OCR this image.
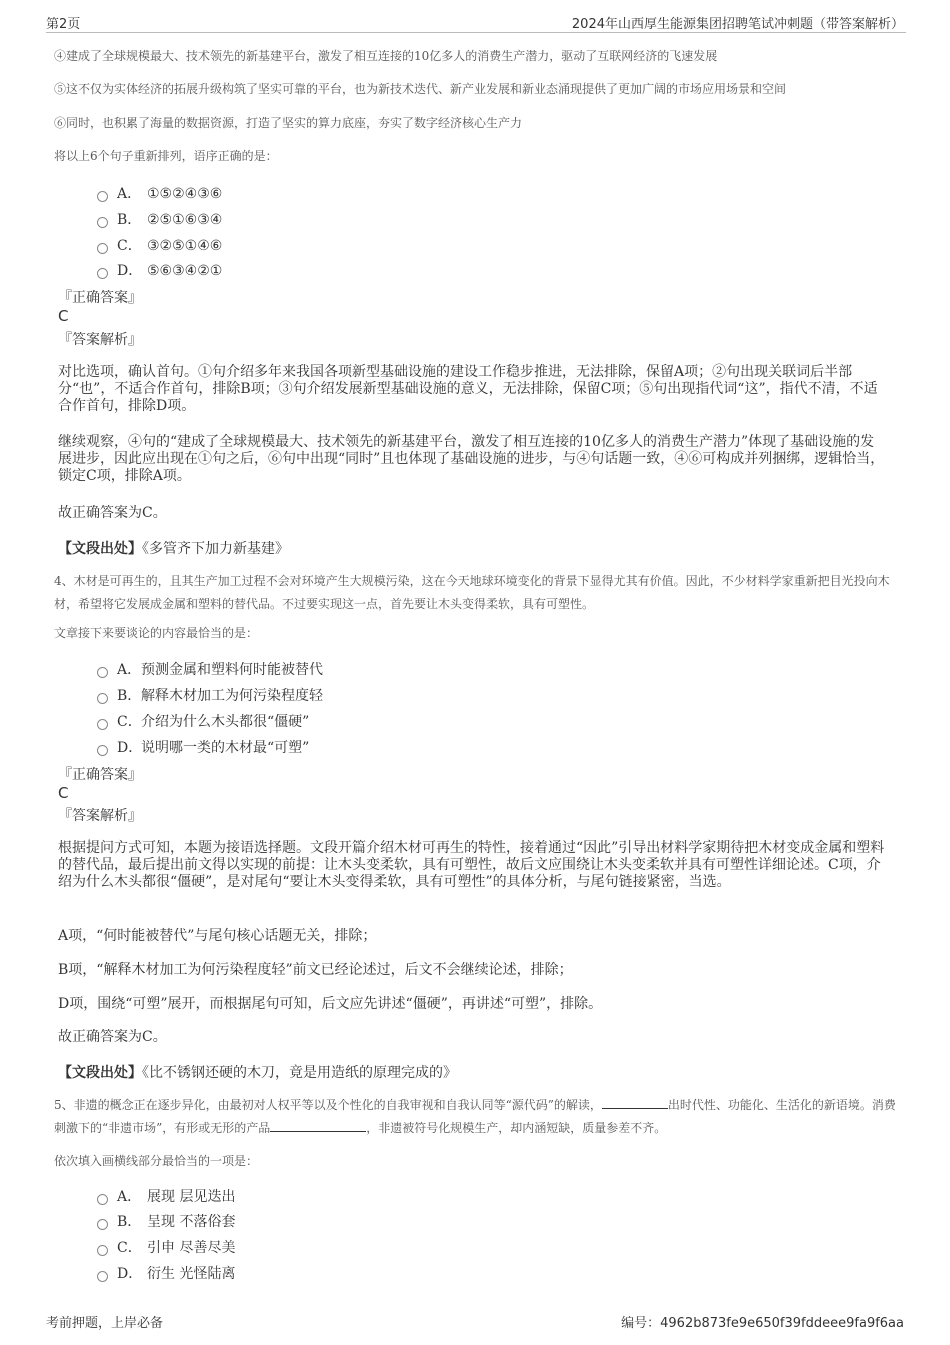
第2页	2024年山西厚生能源集团招聘笔试冲刺题（带答案解析）
④建成了全球规模最大、技术领先的新基建平台，激发了相互连接的10亿多人的消费生产潜力，驱动了互联网经济的飞速发展
⑤这不仅为实体经济的拓展升级构筑了坚实可靠的平台，也为新技术迭代、新产业发展和新业态涌现提供了更加广阔的市场应用场景和空间
⑥同时，也积累了海量的数据资源，打造了坚实的算力底座，夯实了数字经济核心生产力
将以上6个句子重新排列，语序正确的是：
A． ①⑤②④③⑥
B． ②⑤①⑥③④
C． ③②⑤①④⑥
D． ⑤⑥③④②①
『正确答案』
C
『答案解析』
对比选项，确认首句。①句介绍多年来我国各项新型基础设施的建设工作稳步推进，无法排除，保留A项；②句出现关联词后半部分“也”，不适合作首句，排除B项；③句介绍发展新型基础设施的意义，无法排除，保留C项；⑤句出现指代词“这”，指代不清，不适合作首句，排除D项。
继续观察，④句的“建成了全球规模最大、技术领先的新基建平台，激发了相互连接的10亿多人的消费生产潜力”体现了基础设施的发展进步，因此应出现在①句之后，⑥句中出现“同时”且也体现了基础设施的进步，与④句话题一致，④⑥可构成并列捆绑，逻辑恰当，锁定C项，排除A项。
故正确答案为C。
【文段出处】《多管齐下加力新基建》
4、木材是可再生的，且其生产加工过程不会对环境产生大规模污染，这在今天地球环境变化的背景下显得尤其有价值。因此，不少材料学家重新把目光投向木材，希望将它发展成金属和塑料的替代品。不过要实现这一点，首先要让木头变得柔软，具有可塑性。
文章接下来要谈论的内容最恰当的是：
A．预测金属和塑料何时能被替代
B．解释木材加工为何污染程度轻
C．介绍为什么木头都很“僵硬”
D．说明哪一类的木材最“可塑”
『正确答案』
C
『答案解析』
根据提问方式可知，本题为接语选择题。文段开篇介绍木材可再生的特性，接着通过“因此”引导出材料学家期待把木材变成金属和塑料的替代品，最后提出前文得以实现的前提：让木头变柔软，具有可塑性，故后文应围绕让木头变柔软并具有可塑性详细论述。C项，介绍为什么木头都很“僵硬”，是对尾句“要让木头变得柔软，具有可塑性”的具体分析，与尾句链接紧密，当选。
A项，“何时能被替代”与尾句核心话题无关，排除；
B项，“解释木材加工为何污染程度轻”前文已经论述过，后文不会继续论述，排除；
D项，围绕“可塑”展开，而根据尾句可知，后文应先讲述“僵硬”，再讲述“可塑”，排除。
故正确答案为C。
【文段出处】《比不锈钢还硬的木刀，竟是用造纸的原理完成的》
5、非遗的概念正在逐步异化，由最初对人权平等以及个性化的自我审视和自我认同等“源代码”的解读，	出时代性、功能化、生活化的新语境。消费刺激下的“非遗市场”，有形或无形的产品	，非遗被符号化规模生产，却内涵短缺，质量参差不齐。
依次填入画横线部分最恰当的一项是：
A． 展现 层见迭出
B． 呈现 不落俗套
C． 引申 尽善尽美
D． 衍生 光怪陆离
考前押题，上岸必备	编号：4962b873fe9e650f39fddeee9fa9f6aa
